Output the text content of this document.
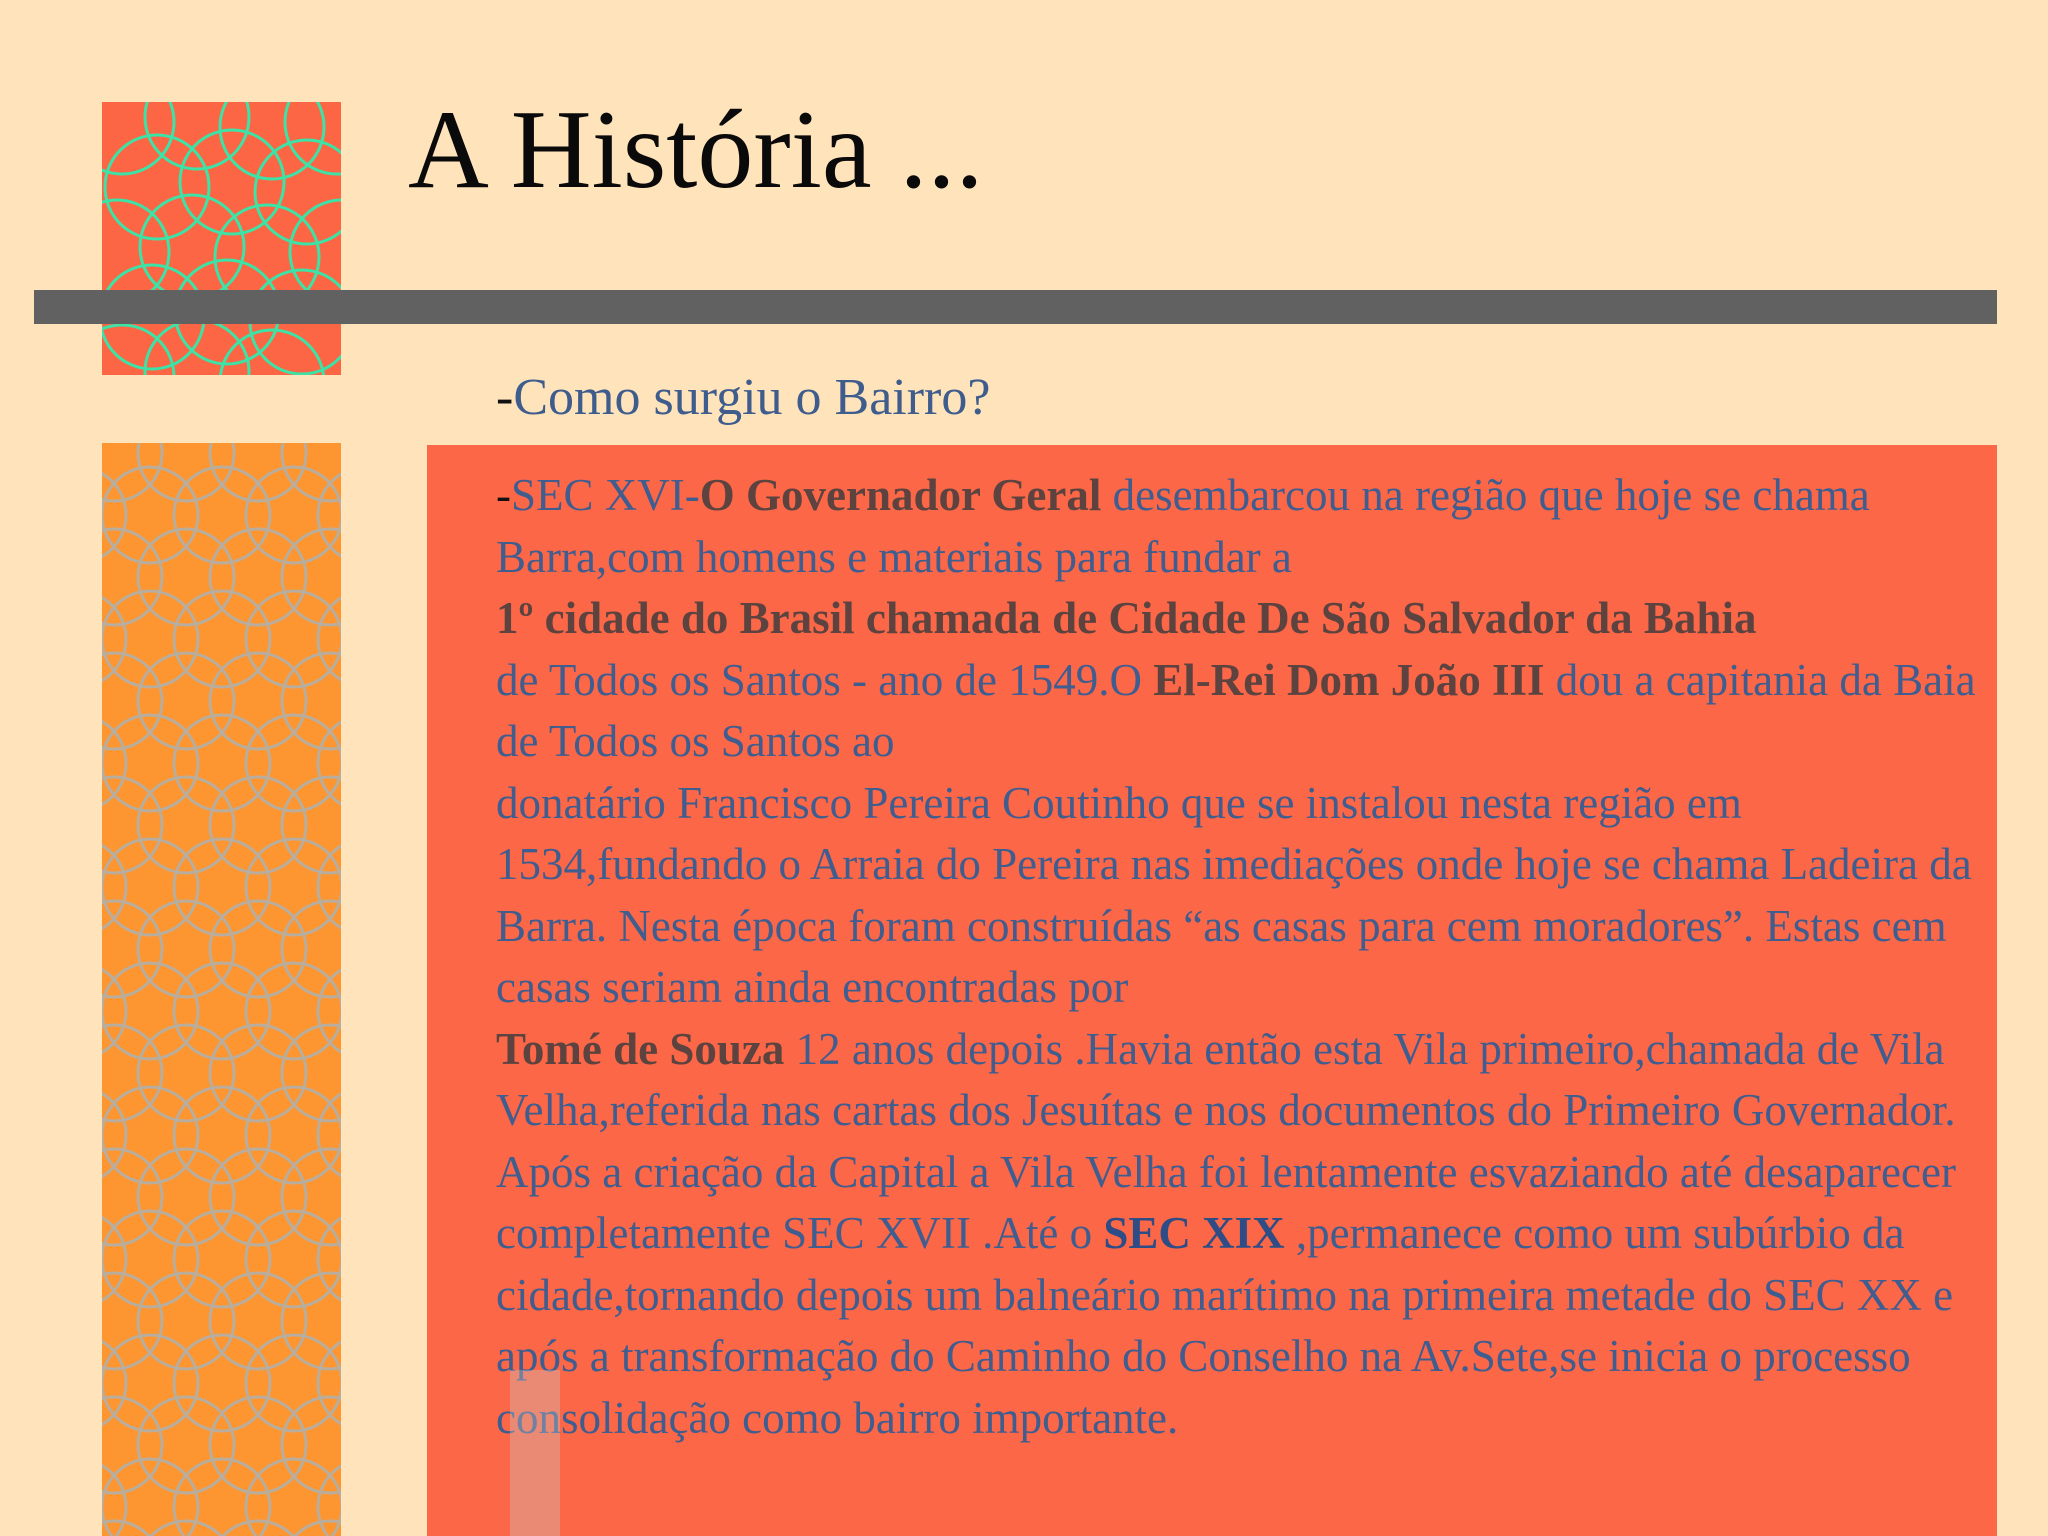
A História ...
-Como surgiu o Bairro?

-SEC XVI-O Governador Geral desembarcou na região que hoje se chama Barra,com homens e materiais para fundar a

1º cidade do Brasil chamada de Cidade De São Salvador da Bahia

de Todos os Santos - ano de 1549.O El-Rei Dom João III dou a capitania da Baia de Todos os Santos ao

donatário Francisco Pereira Coutinho que se instalou nesta região em 1534,fundando o Arraia do Pereira nas imediações onde hoje se chama Ladeira da Barra. Nesta época foram construídas “as casas para cem moradores”. Estas cem casas seriam ainda encontradas por

Tomé de Souza 12 anos depois .Havia então esta Vila primeiro,chamada de Vila Velha,referida nas cartas dos Jesuítas e nos documentos do Primeiro Governador.

Após a criação da Capital a Vila Velha foi lentamente esvaziando até desaparecer completamente SEC XVII .Até o SEC XIX ,permanece como um subúrbio da cidade,tornando depois um balneário marítimo na primeira metade do SEC XX e após a transformação do Caminho do Conselho na Av.Sete,se inicia o processo consolidação como bairro importante.
